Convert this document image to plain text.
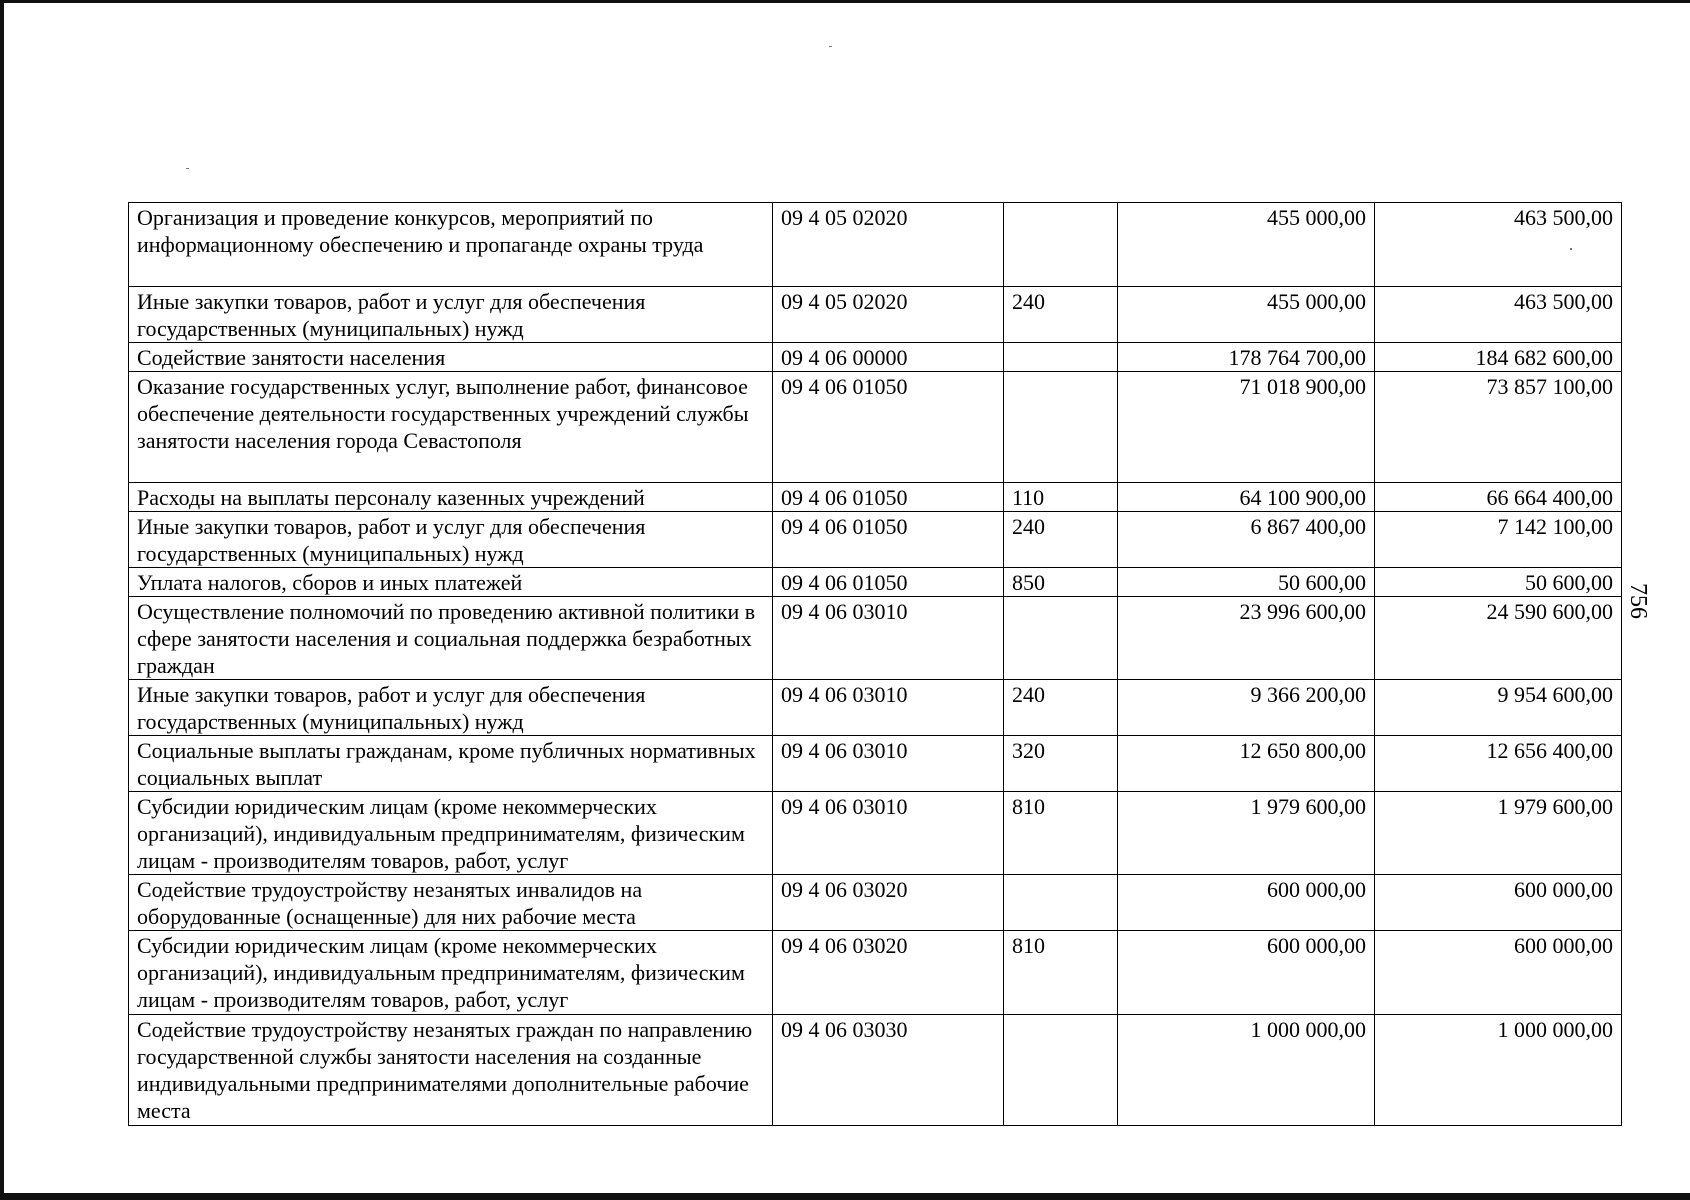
Организация и проведение конкурсов, мероприятий по информационному обеспечению и пропаганде охраны труда	09 4 05 02020		455 000,00	463 500,00
Иные закупки товаров, работ и услуг для обеспечения государственных (муниципальных) нужд	09 4 05 02020	240	455 000,00	463 500,00
Содействие занятости населения	09 4 06 00000		178 764 700,00	184 682 600,00
Оказание государственных услуг, выполнение работ, финансовое обеспечение деятельности государственных учреждений службы занятости населения города Севастополя	09 4 06 01050		71 018 900,00	73 857 100,00
Расходы на выплаты персоналу казенных учреждений	09 4 06 01050	110	64 100 900,00	66 664 400,00
Иные закупки товаров, работ и услуг для обеспечения государственных (муниципальных) нужд	09 4 06 01050	240	6 867 400,00	7 142 100,00
Уплата налогов, сборов и иных платежей	09 4 06 01050	850	50 600,00	50 600,00
Осуществление полномочий по проведению активной политики в сфере занятости населения и социальная поддержка безработных граждан	09 4 06 03010		23 996 600,00	24 590 600,00
Иные закупки товаров, работ и услуг для обеспечения государственных (муниципальных) нужд	09 4 06 03010	240	9 366 200,00	9 954 600,00
Социальные выплаты гражданам, кроме публичных нормативных социальных выплат	09 4 06 03010	320	12 650 800,00	12 656 400,00
Субсидии юридическим лицам (кроме некоммерческих организаций), индивидуальным предпринимателям, физическим лицам - производителям товаров, работ, услуг	09 4 06 03010	810	1 979 600,00	1 979 600,00
Содействие трудоустройству незанятых инвалидов на оборудованные (оснащенные) для них рабочие места	09 4 06 03020		600 000,00	600 000,00
Субсидии юридическим лицам (кроме некоммерческих организаций), индивидуальным предпринимателям, физическим лицам - производителям товаров, работ, услуг	09 4 06 03020	810	600 000,00	600 000,00
Содействие трудоустройству незанятых граждан по направлению государственной службы занятости населения на созданные индивидуальными предпринимателями дополнительные рабочие места	09 4 06 03030		1 000 000,00	1 000 000,00
756
